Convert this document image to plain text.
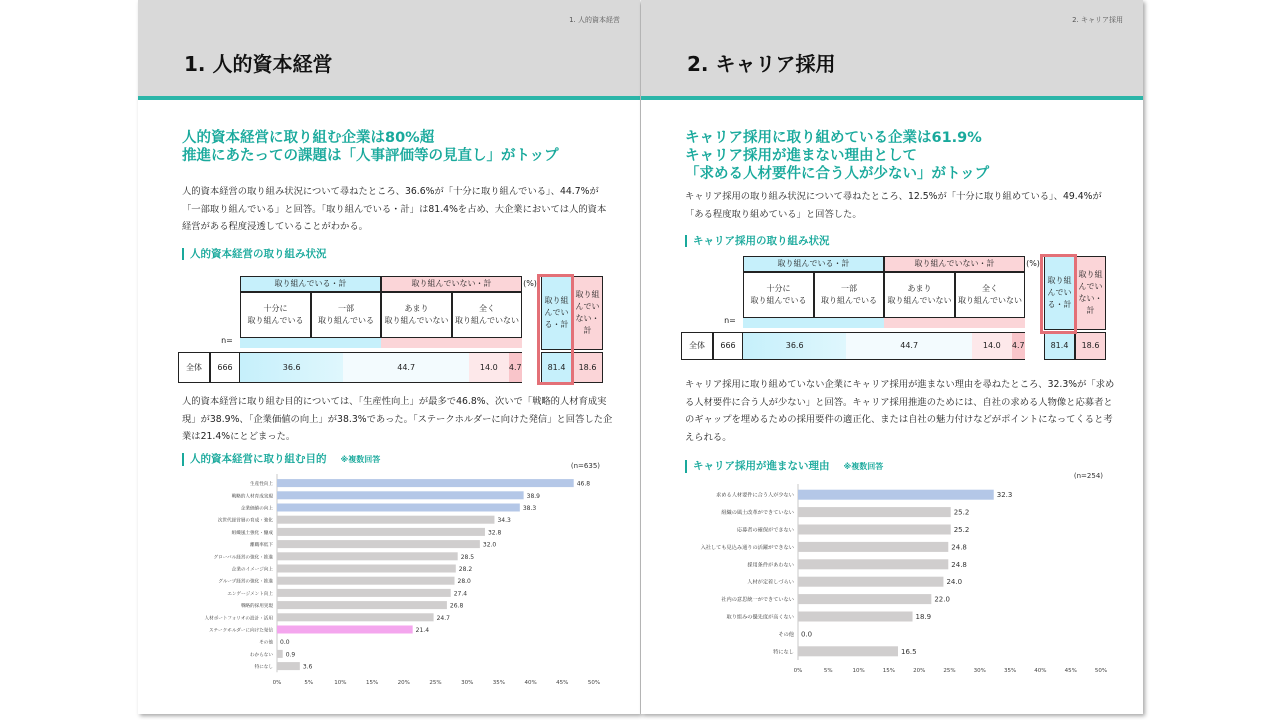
1. 人的資本経営
1. 人的資本経営
人的資本経営に取り組む企業は80%超
推進にあたっての課題は「人事評価等の見直し」がトップ
人的資本経営の取り組み状況について尋ねたところ、36.6%が「十分に取り組んでいる」、44.7%が「一部取り組んでいる」と回答。「取り組んでいる・計」は81.4%を占め、大企業においては人的資本経営がある程度浸透していることがわかる。
人的資本経営の取り組み状況
取り組んでいる・計	取り組んでいない・計	(%)
十分に
取り組んでいる
一部
取り組んでいる
あまり
取り組んでいない
全く
取り組んでいない
n=
取り組んでいる・計
取り組んでいない・計
全体	666	36.6	44.7	14.0	4.7	81.4	18.6
人的資本経営に取り組む目的については、「生産性向上」が最多で46.8%、次いで「戦略的人材育成実現」が38.9%、「企業価値の向上」が38.3%であった。「ステークホルダーに向けた発信」と回答した企業は21.4%にとどまった。
人的資本経営に取り組む目的 ※複数回答
(n=635)
生産性向上	46.8
戦略的人材育成実現	38.9
企業価値の向上	38.3
次世代経営層の育成・強化	34.3
組織風土強化・醸成	32.8
離職率低下	32.0
グローバル経営の強化・推進	28.5
企業のイメージ向上	28.2
グループ経営の強化・推進	28.0
エンゲージメント向上	27.4
戦略的採用実現	26.8
人材ポートフォリオの設計・活用	24.7
ステークホルダーに向けた発信	21.4
その他 0.0
わからない 0.9
特になし	3.6
0%	5%	10%	15%	20%	25%	30%	35%	40%	45%	50%
2. キャリア採用
2. キャリア採用
キャリア採用に取り組めている企業は61.9%
キャリア採用が進まない理由として
「求める人材要件に合う人が少ない」がトップ
キャリア採用の取り組み状況について尋ねたところ、12.5%が「十分に取り組めている」、49.4%が「ある程度取り組めている」と回答した。
キャリア採用の取り組み状況
取り組んでいる・計	取り組んでいない・計	(%)
十分に
取り組んでいる
一部
取り組んでいる
あまり
取り組んでいない
全く
取り組んでいない
n=
取り組んでいる・計
取り組んでいない・計
全体	666	36.6	44.7	14.0	4.7	81.4	18.6
キャリア採用に取り組めていない企業にキャリア採用が進まない理由を尋ねたところ、32.3%が「求める人材要件に合う人が少ない」と回答。キャリア採用推進のためには、自社の求める人物像と応募者とのギャップを埋めるための採用要件の適正化、または自社の魅力付けなどがポイントになってくると考えられる。
キャリア採用が進まない理由 ※複数回答
(n=254)
求める人材要件に合う人が少ない	32.3
組織の風土改革ができていない	25.2
応募者の確保ができない	25.2
入社しても見込み通りの活躍ができない	24.8
採用条件があわない	24.8
人材が定着しづらい	24.0
社内の意思統一ができていない	22.0
取り組みの優先度が高くない	18.9
その他 0.0
特になし	16.5
0%	5%	10%	15%	20%	25%	30%	35%	40%	45%	50%
